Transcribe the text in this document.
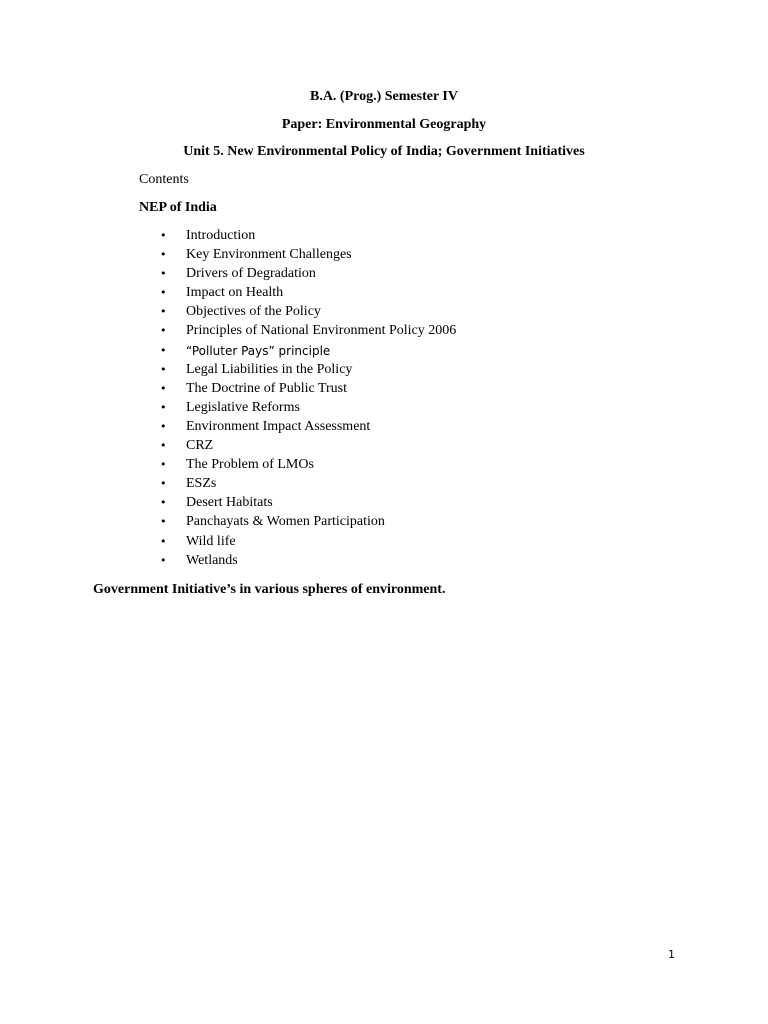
B.A. (Prog.) Semester IV
Paper: Environmental Geography
Unit 5. New Environmental Policy of India; Government Initiatives
Contents
NEP of India
• Introduction
• Key Environment Challenges
• Drivers of Degradation
• Impact on Health
• Objectives of the Policy
• Principles of National Environment Policy 2006
• “Polluter Pays” principle
• Legal Liabilities in the Policy
• The Doctrine of Public Trust
• Legislative Reforms
• Environment Impact Assessment
• CRZ
• The Problem of LMOs
• ESZs
• Desert Habitats
• Panchayats & Women Participation
• Wild life
• Wetlands
Government Initiative’s in various spheres of environment.
1
